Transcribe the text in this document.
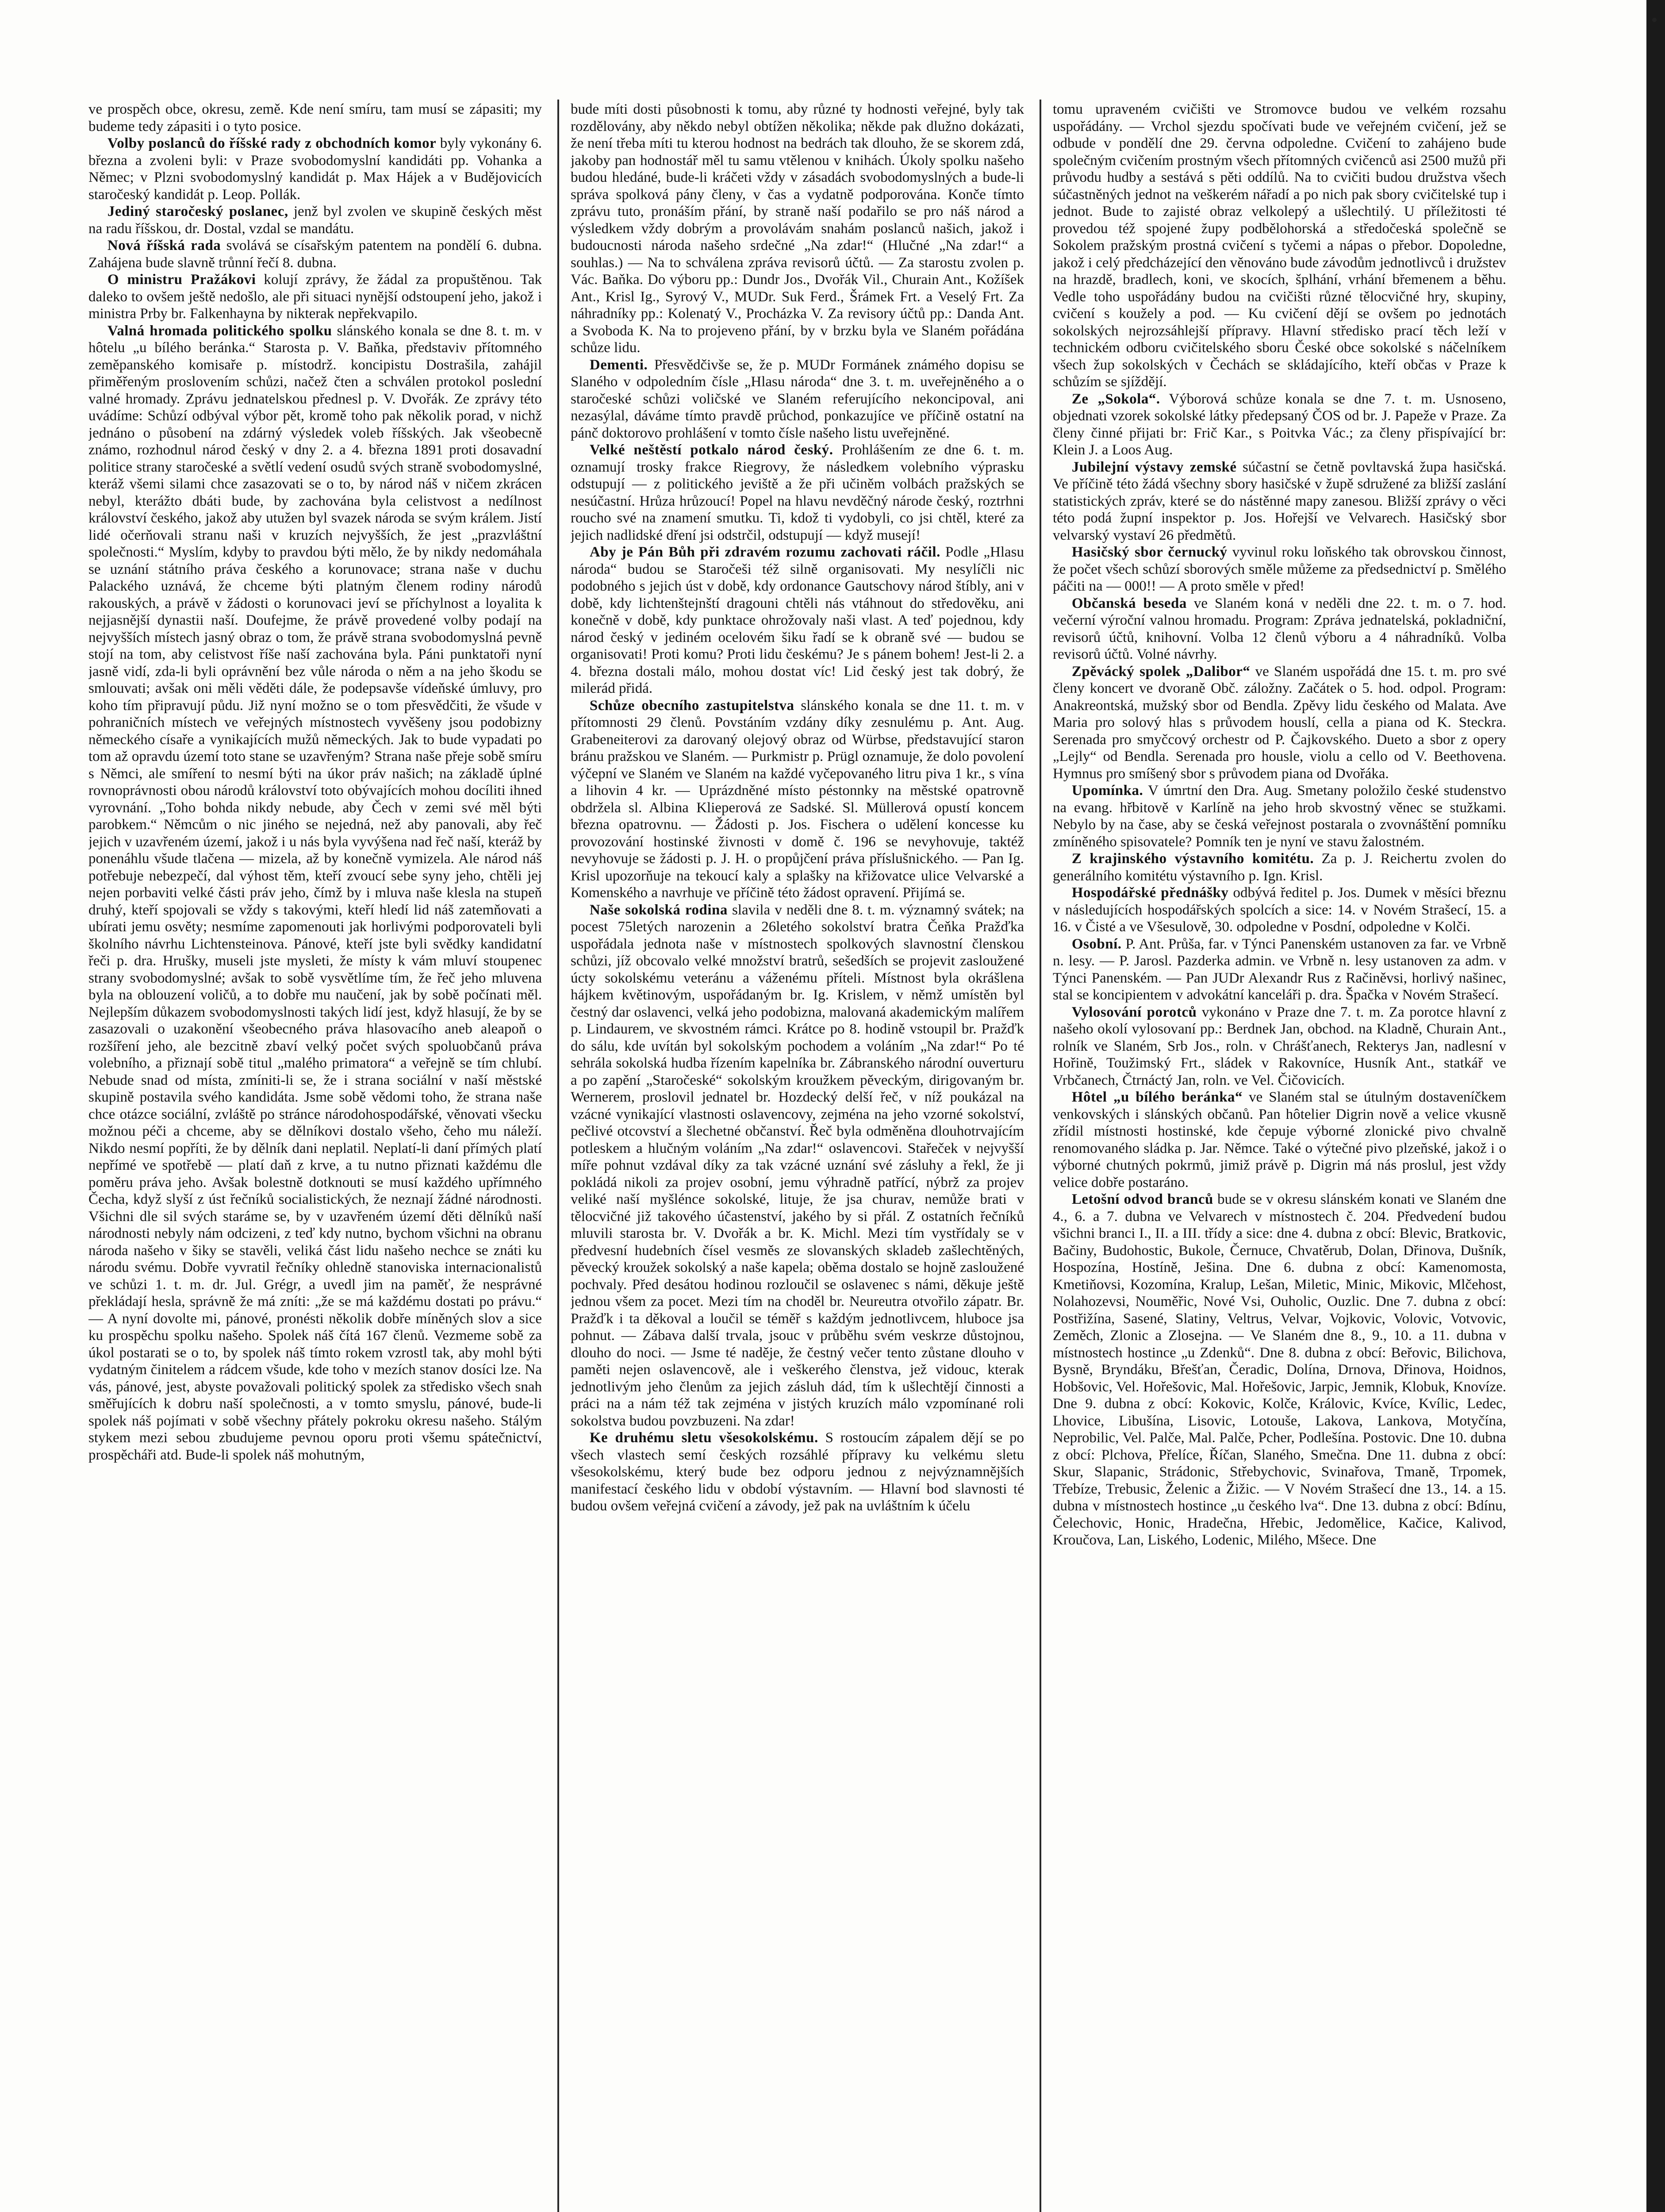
ve prospěch obce, okresu, země. Kde není smíru, tam musí se zápasiti; my budeme tedy zápasiti i o tyto posice.

Volby poslanců do říšské rady z obchodních komor byly vykonány 6. března a zvoleni byli: v Praze svobodomyslní kandidáti pp. Vohanka a Němec; v Plzni svobodomyslný kandidát p. Max Hájek a v Budějovicích staročeský kandidát p. Leop. Pollák.

Jediný staročeský poslanec, jenž byl zvolen ve skupině českých měst na radu říšskou, dr. Dostal, vzdal se mandátu.

Nová říšská rada svolává se císařským patentem na pondělí 6. dubna. Zahájena bude slavně trůnní řečí 8. dubna.

O ministru Pražákovi kolují zprávy, že žádal za propuštěnou. Tak daleko to ovšem ještě nedošlo, ale při situaci nynější odstoupení jeho, jakož i ministra Prby br. Falkenhayna by nikterak nepřekvapilo.

Valná hromada politického spolku slánského konala se dne 8. t. m. v hôtelu „u bílého beránka.“ Starosta p. V. Baňka, představiv přítomného zeměpanského komisaře p. místodrž. koncipistu Dostrašila, zahájil přiměřeným proslovením schůzi, načež čten a schválen protokol poslední valné hromady. Zprávu jednatelskou přednesl p. V. Dvořák. Ze zprávy této uvádíme: Schůzí odbýval výbor pět, kromě toho pak několik porad, v nichž jednáno o působení na zdárný výsledek voleb říšských. Jak všeobecně známo, rozhodnul národ český v dny 2. a 4. března 1891 proti dosavadní politice strany staročeské a světlí vedení osudů svých straně svobodomyslné, kteráž všemi silami chce zasazovati se o to, by národ náš v ničem zkrácen nebyl, kterážto dbáti bude, by zachována byla celistvost a nedílnost království českého, jakož aby utužen byl svazek národa se svým králem. Jistí lidé očerňovali stranu naši v kruzích nejvyšších, že jest „prazvláštní společnosti.“ Myslím, kdyby to pravdou býti mělo, že by nikdy nedomáhala se uznání státního práva českého a korunovace; strana naše v duchu Palackého uznává, že chceme býti platným členem rodiny národů rakouských, a právě v žádosti o korunovaci jeví se příchylnost a loyalita k nejjasnější dynastii naší. Doufejme, že právě provedené volby podají na nejvyšších místech jasný obraz o tom, že právě strana svobodomyslná pevně stojí na tom, aby celistvost říše naší zachována byla. Páni punktatoři nyní jasně vidí, zda-li byli oprávnění bez vůle národa o něm a na jeho škodu se smlouvati; avšak oni měli věděti dále, že podepsavše vídeňské úmluvy, pro koho tím připravují půdu. Již nyní možno se o tom přesvědčiti, že všude v pohraničních místech ve veřejných místnostech vyvěšeny jsou podobizny německého císaře a vynikajících mužů německých. Jak to bude vypadati po tom až opravdu území toto stane se uzavřeným? Strana naše přeje sobě smíru s Němci, ale smíření to nesmí býti na úkor práv našich; na základě úplné rovnoprávnosti obou národů království toto obývajících mohou docíliti ihned vyrovnání. „Toho bohda nikdy nebude, aby Čech v zemi své měl býti parobkem.“ Němcům o nic jiného se nejedná, než aby panovali, aby řeč jejich v uzavřeném území, jakož i u nás byla vyvýšena nad řeč naší, kteráž by ponenáhlu všude tlačena — mizela, až by konečně vymizela. Ale národ náš potřebuje nebezpečí, dal výhost těm, kteří zvoucí sebe syny jeho, chtěli jej nejen porbaviti velké části práv jeho, čímž by i mluva naše klesla na stupeň druhý, kteří spojovali se vždy s takovými, kteří hledí lid náš zatemňovati a ubírati jemu osvěty; nesmíme zapomenouti jak horlivými podporovateli byli školního návrhu Lichtensteinova. Pánové, kteří jste byli svědky kandidatní řeči p. dra. Hrušky, museli jste mysleti, že místy k vám mluví stoupenec strany svobodomyslné; avšak to sobě vysvětlíme tím, že řeč jeho mluvena byla na oblouzení voličů, a to dobře mu naučení, jak by sobě počínati měl. Nejlepším důkazem svobodomyslnosti takých lidí jest, když hlasují, že by se zasazovali o uzakonění všeobecného práva hlasovacího aneb aleapoň o rozšíření jeho, ale bezcitně zbaví velký počet svých spoluobčanů práva volebního, a přiznají sobě titul „malého primatora“ a veřejně se tím chlubí. Nebude snad od místa, zmíniti-li se, že i strana sociální v naší městské skupině postavila svého kandidáta. Jsme sobě vědomi toho, že strana naše chce otázce sociální, zvláště po stránce národohospodářské, věnovati všecku možnou péči a chceme, aby se dělníkovi dostalo všeho, čeho mu náleží. Nikdo nesmí popříti, že by dělník dani neplatil. Neplatí-li daní přímých platí nepřímé ve spotřebě — platí daň z krve, a tu nutno přiznati každému dle poměru práva jeho. Avšak bolestně dotknouti se musí každého upřímného Čecha, když slyší z úst řečníků socialistických, že neznají žádné národnosti. Všichni dle sil svých staráme se, by v uzavřeném území děti dělníků naší národnosti nebyly nám odcizeni, z teď kdy nutno, bychom všichni na obranu národa našeho v šiky se stavěli, veliká část lidu našeho nechce se znáti ku národu svému. Dobře vyvratil řečníky ohledně stanoviska internacionalistů ve schůzi 1. t. m. dr. Jul. Grégr, a uvedl jim na paměť, že nesprávné překládají hesla, správně že má zníti: „že se má každému dostati po právu.“ — A nyní dovolte mi, pánové, pronésti několik dobře míněných slov a sice ku prospěchu spolku našeho. Spolek náš čítá 167 členů. Vezmeme sobě za úkol postarati se o to, by spolek náš tímto rokem vzrostl tak, aby mohl býti vydatným činitelem a rádcem všude, kde toho v mezích stanov dosíci lze. Na vás, pánové, jest, abyste považovali politický spolek za středisko všech snah směřujících k dobru naší společnosti, a v tomto smyslu, pánové, bude-li spolek náš pojímati v sobě všechny přátely pokroku okresu našeho. Stálým stykem mezi sebou zbudujeme pevnou oporu proti všemu spátečnictví, prospěcháři atd. Bude-li spolek náš mohutným,

bude míti dosti působnosti k tomu, aby různé ty hodnosti veřejné, byly tak rozdělovány, aby někdo nebyl obtížen několika; někde pak dlužno dokázati, že není třeba míti tu kterou hodnost na bedrách tak dlouho, že se skorem zdá, jakoby pan hodnostář měl tu samu vtělenou v knihách. Úkoly spolku našeho budou hledáné, bude-li kráčeti vždy v zásadách svobodomyslných a bude-li správa spolková pány členy, v čas a vydatně podporována. Konče tímto zprávu tuto, pronáším přání, by straně naší podařilo se pro náš národ a výsledkem vždy dobrým a provolávám snahám poslanců našich, jakož i budoucnosti národa našeho srdečné „Na zdar!“ (Hlučné „Na zdar!“ a souhlas.) — Na to schválena zpráva revisorů účtů. — Za starostu zvolen p. Vác. Baňka. Do výboru pp.: Dundr Jos., Dvořák Vil., Churain Ant., Kožíšek Ant., Krisl Ig., Syrový V., MUDr. Suk Ferd., Šrámek Frt. a Veselý Frt. Za náhradníky pp.: Kolenatý V., Procházka V. Za revisory účtů pp.: Danda Ant. a Svoboda K. Na to projeveno přání, by v brzku byla ve Slaném pořádána schůze lidu.

Dementi. Přesvědčivše se, že p. MUDr Formánek známého dopisu se Slaného v odpoledním čísle „Hlasu národa“ dne 3. t. m. uveřejněného a o staročeské schůzi voličské ve Slaném referujícího nekoncipoval, ani nezasýlal, dáváme tímto pravdě průchod, ponkazujíce ve příčině ostatní na pánč doktorovo prohlášení v tomto čísle našeho listu uveřejněné.

Velké neštěstí potkalo národ český. Prohlášením ze dne 6. t. m. oznamují trosky frakce Riegrovy, že následkem volebního výprasku odstupují — z politického jeviště a že při učiněm volbách pražských se nesúčastní. Hrůza hrůzoucí! Popel na hlavu nevděčný národe český, roztrhni roucho své na znamení smutku. Ti, kdož ti vydobyli, co jsi chtěl, které za jejich nadlidské dření jsi odstrčil, odstupují — když musejí!

Aby je Pán Bůh při zdravém rozumu zachovati ráčil. Podle „Hlasu národa“ budou se Staročeši též silně organisovati. My nesylíčli nic podobného s jejich úst v době, kdy ordonance Gautschovy národ štíbly, ani v době, kdy lichtenštejnští dragouni chtěli nás vtáhnout do středověku, ani konečně v době, kdy punktace ohrožovaly naši vlast. A teď pojednou, kdy národ český v jediném ocelovém šiku řadí se k obraně své — budou se organisovati! Proti komu? Proti lidu českému? Je s pánem bohem! Jest-li 2. a 4. března dostali málo, mohou dostat víc! Lid český jest tak dobrý, že milerád přidá.

Schůze obecního zastupitelstva slánského konala se dne 11. t. m. v přítomnosti 29 členů. Povstáním vzdány díky zesnulému p. Ant. Aug. Grabeneiterovi za darovaný olejový obraz od Würbse, představující staron bránu pražskou ve Slaném. — Purkmistr p. Prügl oznamuje, že dolo povolení výčepní ve Slaném ve Slaném na každé vyčepovaného litru piva 1 kr., s vína a lihovin 4 kr. — Uprázdněné místo péstonnky na městské opatrovně obdržela sl. Albina Klieperová ze Sadské. Sl. Müllerová opustí koncem března opatrovnu. — Žádosti p. Jos. Fischera o udělení koncesse ku provozování hostinské živnosti v domě č. 196 se nevyhovuje, taktéž nevyhovuje se žádosti p. J. H. o propůjčení práva příslušnického. — Pan Ig. Krisl upozorňuje na tekoucí kaly a splašky na křižovatce ulice Velvarské a Komenského a navrhuje ve příčině této žádost opravení. Přijímá se.

Naše sokolská rodina slavila v neděli dne 8. t. m. významný svátek; na pocest 75letých narozenin a 26letého sokolství bratra Čeňka Pražďka uspořádala jednota naše v místnostech spolkových slavnostní členskou schůzi, jíž obcovalo velké množství bratrů, sešedších se projevit zasloužené úcty sokolskému veteránu a váženému příteli. Místnost byla okrášlena hájkem květinovým, uspořádaným br. Ig. Krislem, v němž umístěn byl čestný dar oslavenci, velká jeho podobizna, malovaná akademickým malířem p. Lindaurem, ve skvostném rámci. Krátce po 8. hodině vstoupil br. Pražďk do sálu, kde uvítán byl sokolským pochodem a voláním „Na zdar!“ Po té sehrála sokolská hudba řízením kapelníka br. Zábranského národní ouverturu a po zapění „Staročeské“ sokolským kroužkem pěveckým, dirigovaným br. Wernerem, proslovil jednatel br. Hozdecký delší řeč, v níž poukázal na vzácné vynikající vlastnosti oslavencovy, zejména na jeho vzorné sokolství, pečlivé otcovství a šlechetné občanství. Řeč byla odměněna dlouhotrvajícím potleskem a hlučným voláním „Na zdar!“ oslavencovi. Stařeček v nejvyšší míře pohnut vzdával díky za tak vzácné uznání své zásluhy a řekl, že ji pokládá nikoli za projev osobní, jemu výhradně patřící, nýbrž za projev veliké naší myšlénce sokolské, lituje, že jsa churav, nemůže brati v tělocvičné již takového účastenství, jakého by si přál. Z ostatních řečníků mluvili starosta br. V. Dvořák a br. K. Michl. Mezi tím vystřídaly se v předvesní hudebních čísel vesměs ze slovanských skladeb zašlechtěných, pěvecký kroužek sokolský a naše kapela; oběma dostalo se hojně zasloužené pochvaly. Před desátou hodinou rozloučil se oslavenec s námi, děkuje ještě jednou všem za pocet. Mezi tím na choděl br. Neureutra otvořilo zápatr. Br. Pražďk i ta děkoval a loučil se téměř s každým jednotlivcem, hluboce jsa pohnut. — Zábava další trvala, jsouc v průběhu svém veskrze důstojnou, dlouho do noci. — Jsme té naděje, že čestný večer tento zůstane dlouho v paměti nejen oslavencově, ale i veškerého členstva, jež vidouc, kterak jednotlivým jeho členům za jejich zásluh dád, tím k ušlechtějí činnosti a práci na a nám též tak zejména v jistých kruzích málo vzpomínané roli sokolstva budou povzbuzeni. Na zdar!

Ke druhému sletu všesokolskému. S rostoucím zápalem dějí se po všech vlastech semí českých rozsáhlé přípravy ku velkému sletu všesokolskému, který bude bez odporu jednou z nejvýznamnějších manifestací českého lidu v období výstavním. — Hlavní bod slavnosti té budou ovšem veřejná cvičení a závody, jež pak na uvláštním k účelu

tomu upraveném cvičišti ve Stromovce budou ve velkém rozsahu uspořádány. — Vrchol sjezdu spočívati bude ve veřejném cvičení, jež se odbude v pondělí dne 29. června odpoledne. Cvičení to zahájeno bude společným cvičením prostným všech přítomných cvičenců asi 2500 mužů při průvodu hudby a sestává s pěti oddílů. Na to cvičiti budou družstva všech súčastněných jednot na veškerém nářadí a po nich pak sbory cvičitelské tup i jednot. Bude to zajisté obraz velkolepý a ušlechtilý. U příležitosti té provedou též spojené župy podbělohorská a středočeská společně se Sokolem pražským prostná cvičení s tyčemi a nápas o přebor. Dopoledne, jakož i celý předcházející den věnováno bude závodům jednotlivců i družstev na hrazdě, bradlech, koni, ve skocích, šplhání, vrhání břemenem a běhu. Vedle toho uspořádány budou na cvičišti různé tělocvičné hry, skupiny, cvičení s koužely a pod. — Ku cvičení dějí se ovšem po jednotách sokolských nejrozsáhlejší přípravy. Hlavní středisko prací těch leží v technickém odboru cvičitelského sboru České obce sokolské s náčelníkem všech žup sokolských v Čechách se skládajícího, kteří občas v Praze k schůzím se sjíždějí.

Ze „Sokola“. Výborová schůze konala se dne 7. t. m. Usnoseno, objednati vzorek sokolské látky předepsaný ČOS od br. J. Papeže v Praze. Za členy činné přijati br: Frič Kar., s Poitvka Vác.; za členy přispívající br: Klein J. a Loos Aug.

Jubilejní výstavy zemské súčastní se četně povltavská župa hasičská. Ve příčině této žádá všechny sbory hasičské v župě sdružené za bližší zaslání statistických zpráv, které se do nástěnné mapy zanesou. Bližší zprávy o věci této podá župní inspektor p. Jos. Hořejší ve Velvarech. Hasičský sbor velvarský vystaví 26 předmětů.

Hasičský sbor černucký vyvinul roku loňského tak obrovskou činnost, že počet všech schůzí sborových směle můžeme za předsednictví p. Smělého páčiti na — 000!! — A proto směle v před!

Občanská beseda ve Slaném koná v neděli dne 22. t. m. o 7. hod. večerní výroční valnou hromadu. Program: Zpráva jednatelská, pokladniční, revisorů účtů, knihovní. Volba 12 členů výboru a 4 náhradníků. Volba revisorů účtů. Volné návrhy.

Zpěvácký spolek „Dalibor“ ve Slaném uspořádá dne 15. t. m. pro své členy koncert ve dvoraně Obč. záložny. Začátek o 5. hod. odpol. Program: Anakreontská, mužský sbor od Bendla. Zpěvy lidu českého od Malata. Ave Maria pro solový hlas s průvodem houslí, cella a piana od K. Steckra. Serenada pro smyčcový orchestr od P. Čajkovského. Dueto a sbor z opery „Lejly“ od Bendla. Serenada pro housle, violu a cello od V. Beethovena. Hymnus pro smíšený sbor s průvodem piana od Dvořáka.

Upomínka. V úmrtní den Dra. Aug. Smetany položilo české studenstvo na evang. hřbitově v Karlíně na jeho hrob skvostný věnec se stužkami. Nebylo by na čase, aby se česká veřejnost postarala o zvovnáštění pomníku zmíněného spisovatele? Pomník ten je nyní ve stavu žalostném.

Z krajinského výstavního komitétu. Za p. J. Reichertu zvolen do generálního komitétu výstavního p. Ign. Krisl.

Hospodářské přednášky odbývá ředitel p. Jos. Dumek v měsíci březnu v následujících hospodářských spolcích a sice: 14. v Novém Strašecí, 15. a 16. v Čisté a ve Všesulově, 30. odpoledne v Posdní, odpoledne v Kolči.

Osobní. P. Ant. Průša, far. v Týnci Panenském ustanoven za far. ve Vrbně n. lesy. — P. Jarosl. Pazderka admin. ve Vrbně n. lesy ustanoven za adm. v Týnci Panenském. — Pan JUDr Alexandr Rus z Račiněvsi, horlivý našinec, stal se koncipientem v advokátní kanceláři p. dra. Špačka v Novém Strašecí.

Vylosování porotců vykonáno v Praze dne 7. t. m. Za porotce hlavní z našeho okolí vylosovaní pp.: Berdnek Jan, obchod. na Kladně, Churain Ant., rolník ve Slaném, Srb Jos., roln. v Chrášťanech, Rekterys Jan, nadlesní v Hořině, Toužimský Frt., sládek v Rakovníce, Husník Ant., statkář ve Vrbčanech, Čtrnáctý Jan, roln. ve Vel. Čičovicích.

Hôtel „u bílého beránka“ ve Slaném stal se útulným dostaveníčkem venkovských i slánských občanů. Pan hôtelier Digrin nově a velice vkusně zřídil místnosti hostinské, kde čepuje výborné zlonické pivo chvalně renomovaného sládka p. Jar. Němce. Také o výtečné pivo plzeňské, jakož i o výborné chutných pokrmů, jimiž právě p. Digrin má nás proslul, jest vždy velice dobře postaráno.

Letošní odvod branců bude se v okresu slánském konati ve Slaném dne 4., 6. a 7. dubna ve Velvarech v místnostech č. 204. Předvedení budou všichni branci I., II. a III. třídy a sice: dne 4. dubna z obcí: Blevic, Bratkovic, Bačiny, Budohostic, Bukole, Černuce, Chvatěrub, Dolan, Dřinova, Dušník, Hospozína, Hostíně, Ješina. Dne 6. dubna z obcí: Kamenomosta, Kmetiňovsi, Kozomína, Kralup, Lešan, Miletic, Minic, Mikovic, Mlčehost, Nolahozevsi, Nouměřic, Nové Vsi, Ouholic, Ouzlic. Dne 7. dubna z obcí: Postřižína, Sasené, Slatiny, Veltrus, Velvar, Vojkovic, Volovic, Votvovic, Zeměch, Zlonic a Zlosejna. — Ve Slaném dne 8., 9., 10. a 11. dubna v místnostech hostince „u Zdenků“. Dne 8. dubna z obcí: Beřovic, Bilichova, Bysně, Bryndáku, Břešťan, Čeradic, Dolína, Drnova, Dřinova, Hoidnos, Hobšovic, Vel. Hořešovic, Mal. Hořešovic, Jarpic, Jemnik, Klobuk, Knovíze. Dne 9. dubna z obcí: Kokovic, Kolče, Královic, Kvíce, Kvílic, Ledec, Lhovice, Libušína, Lisovic, Lotouše, Lakova, Lankova, Motyčína, Neprobilic, Vel. Palče, Mal. Palče, Pcher, Podlešína. Postovic. Dne 10. dubna z obcí: Plchova, Přelíce, Říčan, Slaného, Smečna. Dne 11. dubna z obcí: Skur, Slapanic, Strádonic, Střebychovic, Svinařova, Tmaně, Trpomek, Třebíze, Trebusic, Želenic a Žižic. — V Novém Strašecí dne 13., 14. a 15. dubna v místnostech hostince „u českého lva“. Dne 13. dubna z obcí: Bdínu, Čelechovic, Honic, Hradečna, Hřebic, Jedomělice, Kačice, Kalivod, Kroučova, Lan, Liského, Lodenic, Milého, Mšece. Dne
